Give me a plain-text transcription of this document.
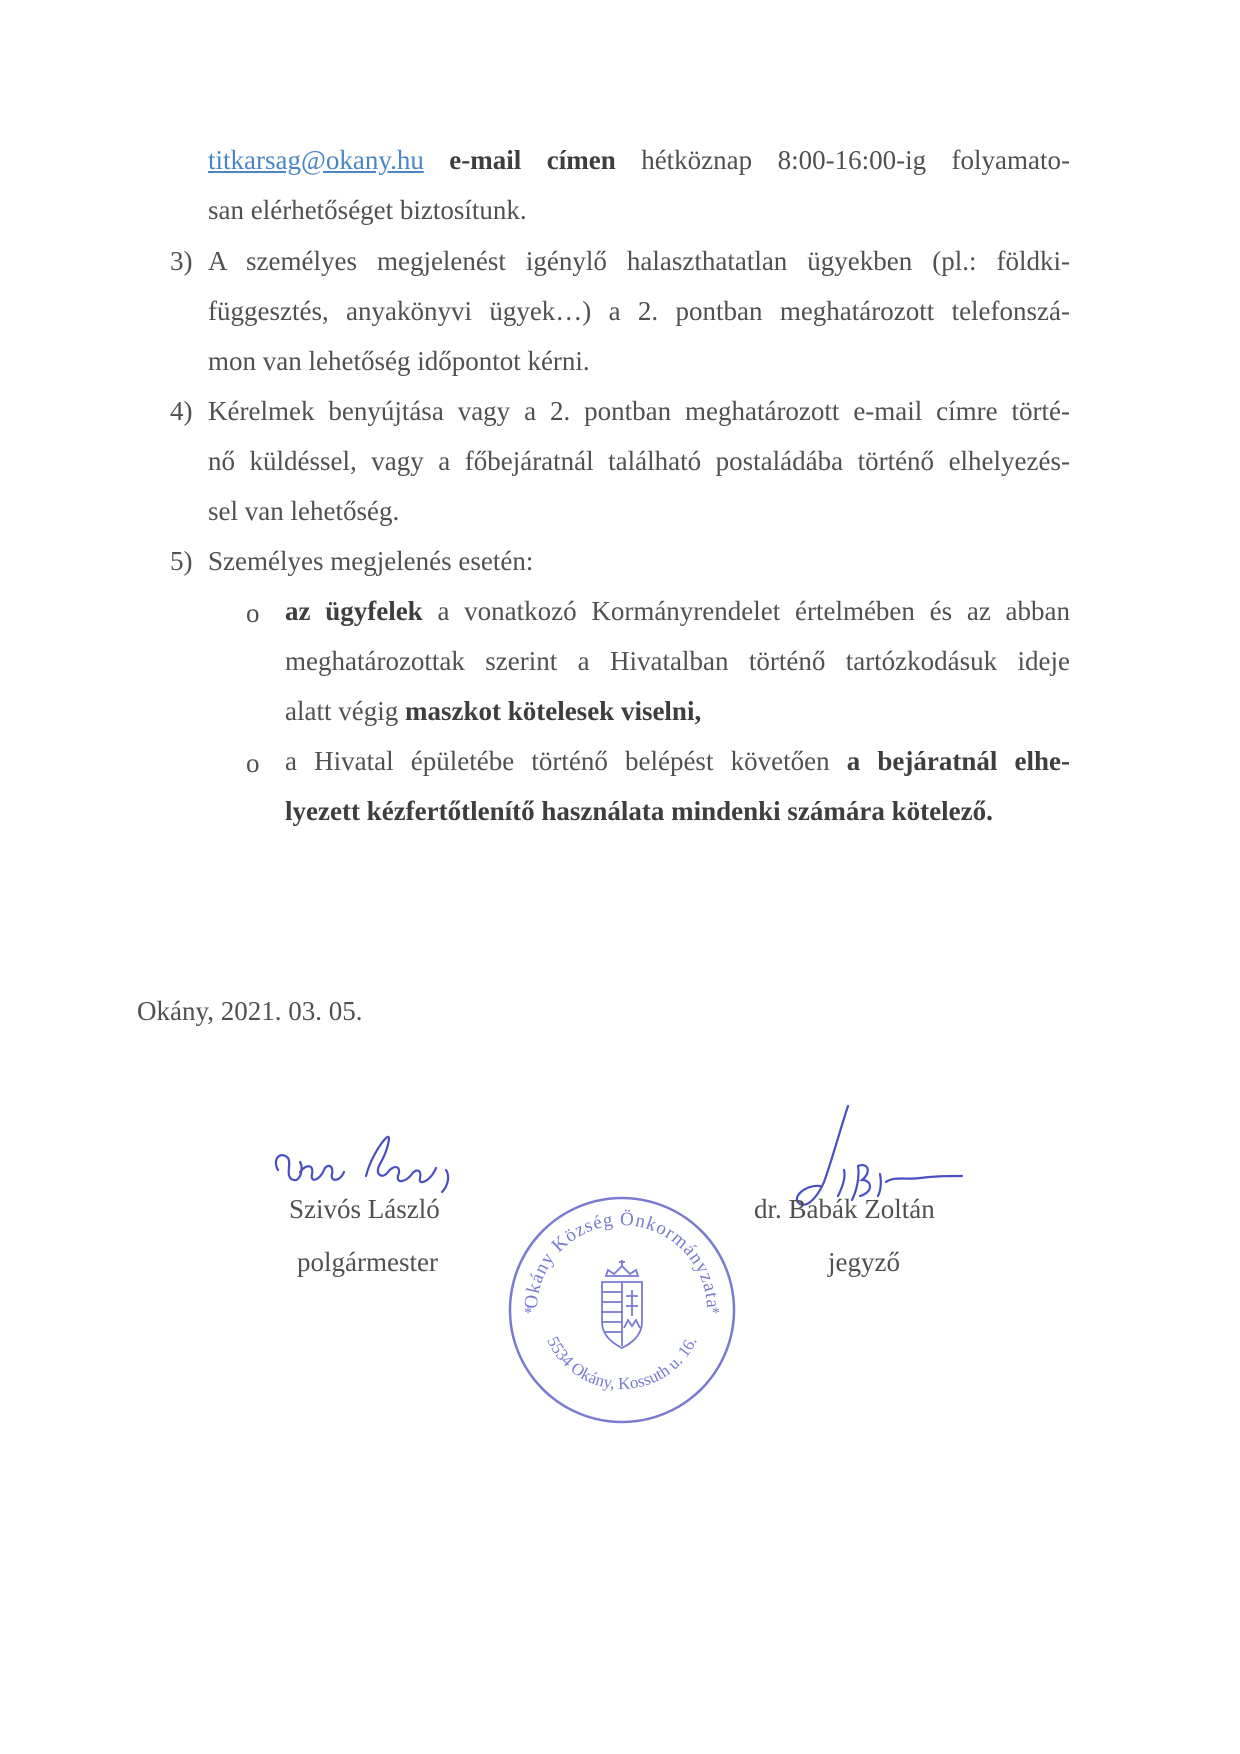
titkarsag@okany.hu e-mail címen hétköznap 8:00-16:00-ig folyamato-
san elérhetőséget biztosítunk.
3) A személyes megjelenést igénylő halaszthatatlan ügyekben (pl.: földki-
függesztés, anyakönyvi ügyek…) a 2. pontban meghatározott telefonszá-
mon van lehetőség időpontot kérni.
4) Kérelmek benyújtása vagy a 2. pontban meghatározott e-mail címre törté-
nő küldéssel, vagy a főbejáratnál található postaládába történő elhelyezés-
sel van lehetőség.
5) Személyes megjelenés esetén:
o az ügyfelek a vonatkozó Kormányrendelet értelmében és az abban
meghatározottak szerint a Hivatalban történő tartózkodásuk ideje
alatt végig maszkot kötelesek viselni,
o a Hivatal épületébe történő belépést követően a bejáratnál elhe-
lyezett kézfertőtlenítő használata mindenki számára kötelező.
Okány, 2021. 03. 05.
Szivós László
polgármester
dr. Babák Zoltán
jegyző
Okány Község Önkormányzata
5534 Okány, Kossuth u. 16.
*	*
